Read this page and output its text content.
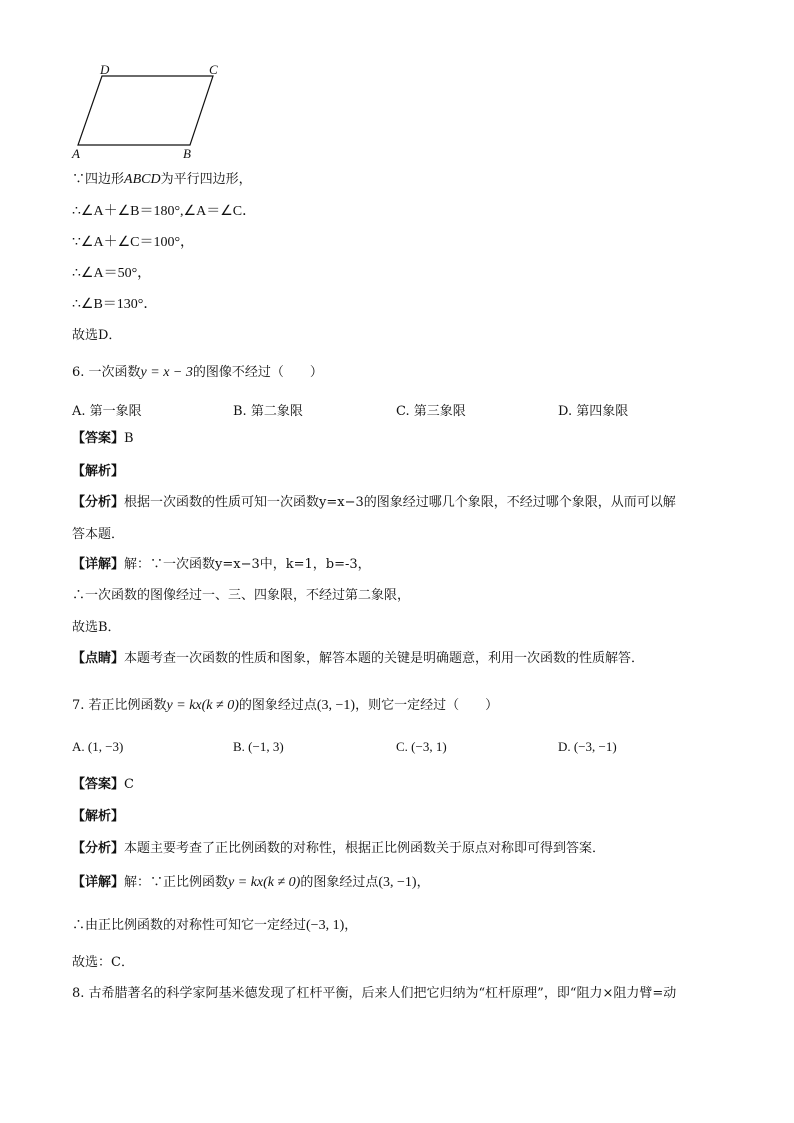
D	C
A	B
∵四边形ABCD为平行四边形，
∴∠A＋∠B＝180°,∠A＝∠C．
∵∠A＋∠C＝100°，
∴∠A＝50°，
∴∠B＝130°．
故选D．
6. 一次函数y = x − 3的图像不经过（　　）
A. 第一象限	B. 第二象限	C. 第三象限	D. 第四象限
【答案】B
【解析】
【分析】根据一次函数的性质可知一次函数y=x−3的图象经过哪几个象限，不经过哪个象限，从而可以解
答本题．
【详解】解：∵一次函数y=x−3中，k=1，b=-3，
∴一次函数的图像经过一、三、四象限，不经过第二象限，
故选B．
【点睛】本题考查一次函数的性质和图象，解答本题的关键是明确题意，利用一次函数的性质解答．
7. 若正比例函数y = kx(k ≠ 0)的图象经过点(3, −1)，则它一定经过（　　）
A. (1, −3)	B. (−1, 3)	C. (−3, 1)	D. (−3, −1)
【答案】C
【解析】
【分析】本题主要考查了正比例函数的对称性，根据正比例函数关于原点对称即可得到答案．
【详解】解：∵正比例函数y = kx(k ≠ 0)的图象经过点(3, −1)，
∴由正比例函数的对称性可知它一定经过(−3, 1)，
故选：C．
8. 古希腊著名的科学家阿基米德发现了杠杆平衡，后来人们把它归纳为“杠杆原理”，即“阻力×阻力臂=动
